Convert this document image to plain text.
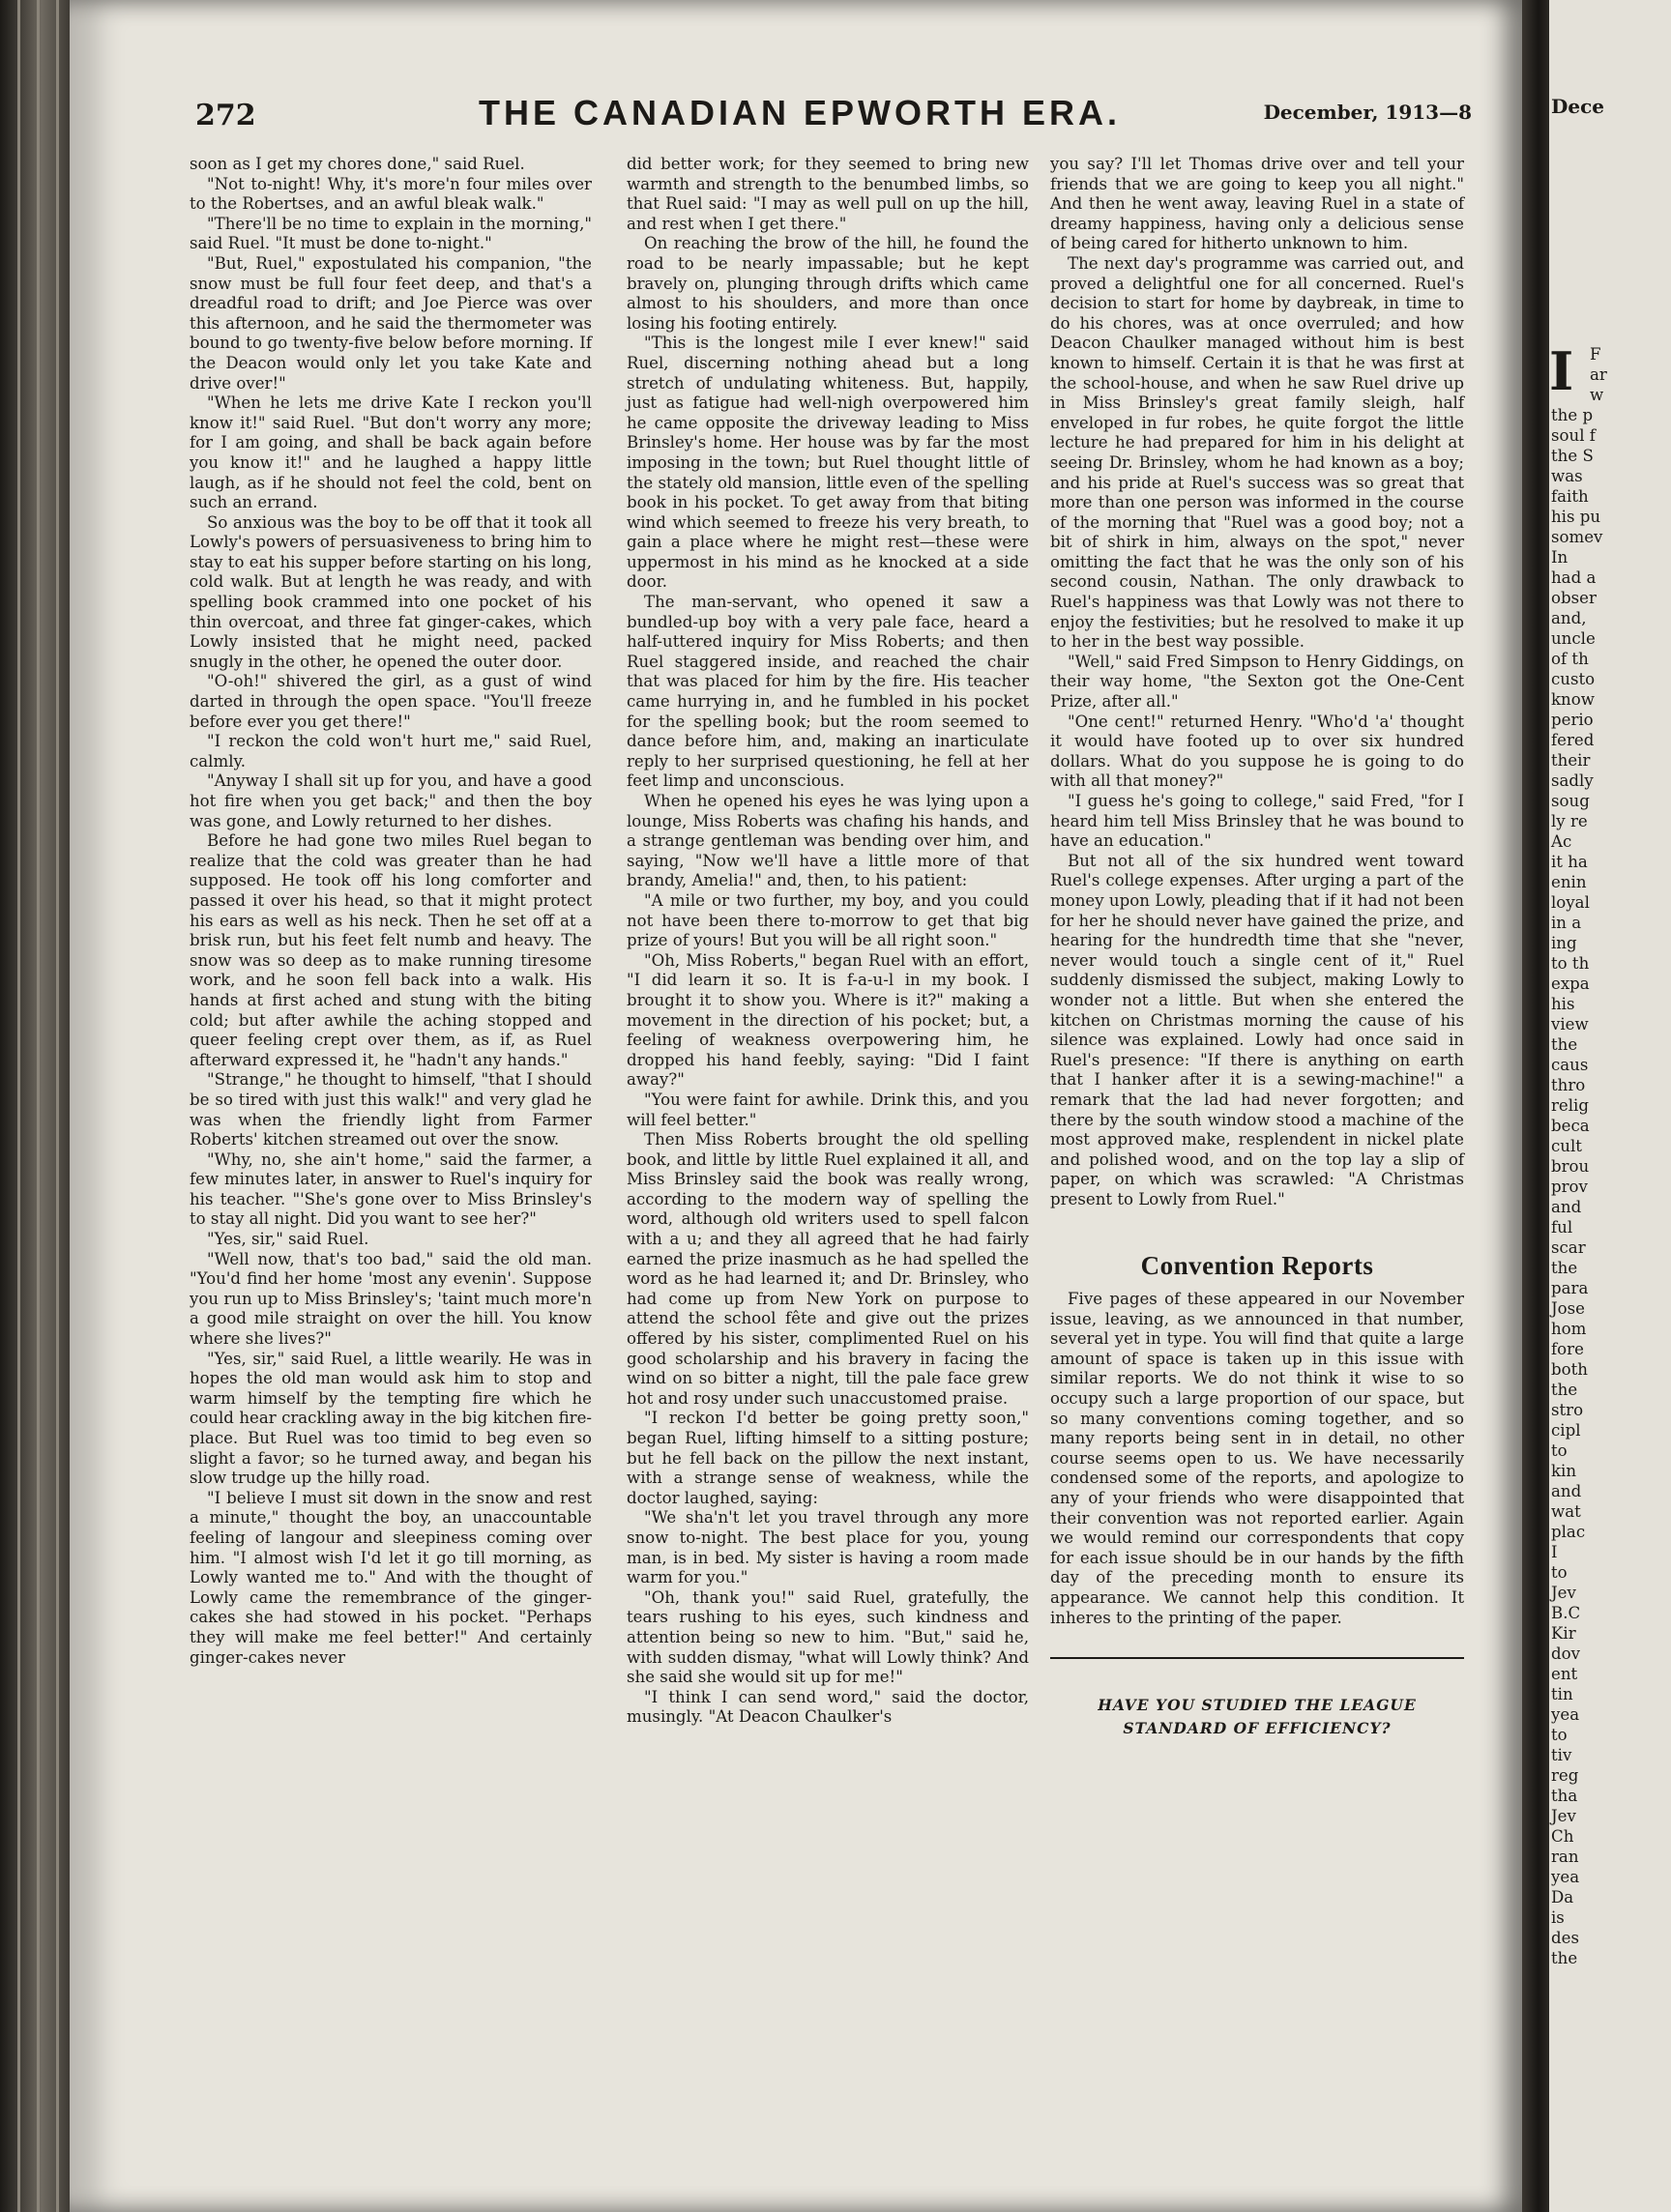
272	THE CANADIAN EPWORTH ERA.	December, 1913—8

soon as I get my chores done," said Ruel.

"Not to-night! Why, it's more'n four miles over to the Robertses, and an awful bleak walk."

"There'll be no time to explain in the morning," said Ruel. "It must be done to-night."

"But, Ruel," expostulated his companion, "the snow must be full four feet deep, and that's a dreadful road to drift; and Joe Pierce was over this afternoon, and he said the thermometer was bound to go twenty-five below before morning. If the Deacon would only let you take Kate and drive over!"

"When he lets me drive Kate I reckon you'll know it!" said Ruel. "But don't worry any more; for I am going, and shall be back again before you know it!" and he laughed a happy little laugh, as if he should not feel the cold, bent on such an errand.

So anxious was the boy to be off that it took all Lowly's powers of persuasiveness to bring him to stay to eat his supper before starting on his long, cold walk. But at length he was ready, and with spelling book crammed into one pocket of his thin overcoat, and three fat ginger-cakes, which Lowly insisted that he might need, packed snugly in the other, he opened the outer door.

"O-oh!" shivered the girl, as a gust of wind darted in through the open space. "You'll freeze before ever you get there!"

"I reckon the cold won't hurt me," said Ruel, calmly.

"Anyway I shall sit up for you, and have a good hot fire when you get back;" and then the boy was gone, and Lowly returned to her dishes.

Before he had gone two miles Ruel began to realize that the cold was greater than he had supposed. He took off his long comforter and passed it over his head, so that it might protect his ears as well as his neck. Then he set off at a brisk run, but his feet felt numb and heavy. The snow was so deep as to make running tiresome work, and he soon fell back into a walk. His hands at first ached and stung with the biting cold; but after awhile the aching stopped and queer feeling crept over them, as if, as Ruel afterward expressed it, he "hadn't any hands."

"Strange," he thought to himself, "that I should be so tired with just this walk!" and very glad he was when the friendly light from Farmer Roberts' kitchen streamed out over the snow.

"Why, no, she ain't home," said the farmer, a few minutes later, in answer to Ruel's inquiry for his teacher. "'She's gone over to Miss Brinsley's to stay all night. Did you want to see her?"

"Yes, sir," said Ruel.

"Well now, that's too bad," said the old man. "You'd find her home 'most any evenin'. Suppose you run up to Miss Brinsley's; 'taint much more'n a good mile straight on over the hill. You know where she lives?"

"Yes, sir," said Ruel, a little wearily. He was in hopes the old man would ask him to stop and warm himself by the tempting fire which he could hear crackling away in the big kitchen fire-place. But Ruel was too timid to beg even so slight a favor; so he turned away, and began his slow trudge up the hilly road.

"I believe I must sit down in the snow and rest a minute," thought the boy, an unaccountable feeling of langour and sleepiness coming over him. "I almost wish I'd let it go till morning, as Lowly wanted me to." And with the thought of Lowly came the remembrance of the ginger-cakes she had stowed in his pocket. "Perhaps they will make me feel better!" And certainly ginger-cakes never

did better work; for they seemed to bring new warmth and strength to the benumbed limbs, so that Ruel said: "I may as well pull on up the hill, and rest when I get there."

On reaching the brow of the hill, he found the road to be nearly impassable; but he kept bravely on, plunging through drifts which came almost to his shoulders, and more than once losing his footing entirely.

"This is the longest mile I ever knew!" said Ruel, discerning nothing ahead but a long stretch of undulating whiteness. But, happily, just as fatigue had well-nigh overpowered him he came opposite the driveway leading to Miss Brinsley's home. Her house was by far the most imposing in the town; but Ruel thought little of the stately old mansion, little even of the spelling book in his pocket. To get away from that biting wind which seemed to freeze his very breath, to gain a place where he might rest—these were uppermost in his mind as he knocked at a side door.

The man-servant, who opened it saw a bundled-up boy with a very pale face, heard a half-uttered inquiry for Miss Roberts; and then Ruel staggered inside, and reached the chair that was placed for him by the fire. His teacher came hurrying in, and he fumbled in his pocket for the spelling book; but the room seemed to dance before him, and, making an inarticulate reply to her surprised questioning, he fell at her feet limp and unconscious.

When he opened his eyes he was lying upon a lounge, Miss Roberts was chafing his hands, and a strange gentleman was bending over him, and saying, "Now we'll have a little more of that brandy, Amelia!" and, then, to his patient:

"A mile or two further, my boy, and you could not have been there to-morrow to get that big prize of yours! But you will be all right soon."

"Oh, Miss Roberts," began Ruel with an effort, "I did learn it so. It is f-a-u-l in my book. I brought it to show you. Where is it?" making a movement in the direction of his pocket; but, a feeling of weakness overpowering him, he dropped his hand feebly, saying: "Did I faint away?"

"You were faint for awhile. Drink this, and you will feel better."

Then Miss Roberts brought the old spelling book, and little by little Ruel explained it all, and Miss Brinsley said the book was really wrong, according to the modern way of spelling the word, although old writers used to spell falcon with a u; and they all agreed that he had fairly earned the prize inasmuch as he had spelled the word as he had learned it; and Dr. Brinsley, who had come up from New York on purpose to attend the school fête and give out the prizes offered by his sister, complimented Ruel on his good scholarship and his bravery in facing the wind on so bitter a night, till the pale face grew hot and rosy under such unaccustomed praise.

"I reckon I'd better be going pretty soon," began Ruel, lifting himself to a sitting posture; but he fell back on the pillow the next instant, with a strange sense of weakness, while the doctor laughed, saying:

"We sha'n't let you travel through any more snow to-night. The best place for you, young man, is in bed. My sister is having a room made warm for you."

"Oh, thank you!" said Ruel, gratefully, the tears rushing to his eyes, such kindness and attention being so new to him. "But," said he, with sudden dismay, "what will Lowly think? And she said she would sit up for me!"

"I think I can send word," said the doctor, musingly. "At Deacon Chaulker's

you say? I'll let Thomas drive over and tell your friends that we are going to keep you all night." And then he went away, leaving Ruel in a state of dreamy happiness, having only a delicious sense of being cared for hitherto unknown to him.

The next day's programme was carried out, and proved a delightful one for all concerned. Ruel's decision to start for home by daybreak, in time to do his chores, was at once overruled; and how Deacon Chaulker managed without him is best known to himself. Certain it is that he was first at the school-house, and when he saw Ruel drive up in Miss Brinsley's great family sleigh, half enveloped in fur robes, he quite forgot the little lecture he had prepared for him in his delight at seeing Dr. Brinsley, whom he had known as a boy; and his pride at Ruel's success was so great that more than one person was informed in the course of the morning that "Ruel was a good boy; not a bit of shirk in him, always on the spot," never omitting the fact that he was the only son of his second cousin, Nathan. The only drawback to Ruel's happiness was that Lowly was not there to enjoy the festivities; but he resolved to make it up to her in the best way possible.

"Well," said Fred Simpson to Henry Giddings, on their way home, "the Sexton got the One-Cent Prize, after all."

"One cent!" returned Henry. "Who'd 'a' thought it would have footed up to over six hundred dollars. What do you suppose he is going to do with all that money?"

"I guess he's going to college," said Fred, "for I heard him tell Miss Brinsley that he was bound to have an education."

But not all of the six hundred went toward Ruel's college expenses. After urging a part of the money upon Lowly, pleading that if it had not been for her he should never have gained the prize, and hearing for the hundredth time that she "never, never would touch a single cent of it," Ruel suddenly dismissed the subject, making Lowly to wonder not a little. But when she entered the kitchen on Christmas morning the cause of his silence was explained. Lowly had once said in Ruel's presence: "If there is anything on earth that I hanker after it is a sewing-machine!" a remark that the lad had never forgotten; and there by the south window stood a machine of the most approved make, resplendent in nickel plate and polished wood, and on the top lay a slip of paper, on which was scrawled: "A Christmas present to Lowly from Ruel."

Convention Reports

Five pages of these appeared in our November issue, leaving, as we announced in that number, several yet in type. You will find that quite a large amount of space is taken up in this issue with similar reports. We do not think it wise to so occupy such a large proportion of our space, but so many conventions coming together, and so many reports being sent in in detail, no other course seems open to us. We have necessarily condensed some of the reports, and apologize to any of your friends who were disappointed that their convention was not reported earlier. Again we would remind our correspondents that copy for each issue should be in our hands by the fifth day of the preceding month to ensure its appearance. We cannot help this condition. It inheres to the printing of the paper.

HAVE YOU STUDIED THE LEAGUE STANDARD OF EFFICIENCY?
Dece
I	F
ar
w
the p
soul f
the S
was
faith
his pu
somev
In
had a
obser
and,
uncle
of th
custo
know
perio
fered
their
sadly
soug
ly re
Ac
it ha
enin
loyal
in a
ing
to th
expa
his
view
the
caus
thro
relig
beca
cult
brou
prov
and
ful
scar
the
para
Jose
hom
fore
both
the
stro
cipl
to
kin
and
wat
plac
I
to
Jev
B.C
Kir
dov
ent
tin
yea
to
tiv
reg
tha
Jev
Ch
ran
yea
Da
is
des
the
